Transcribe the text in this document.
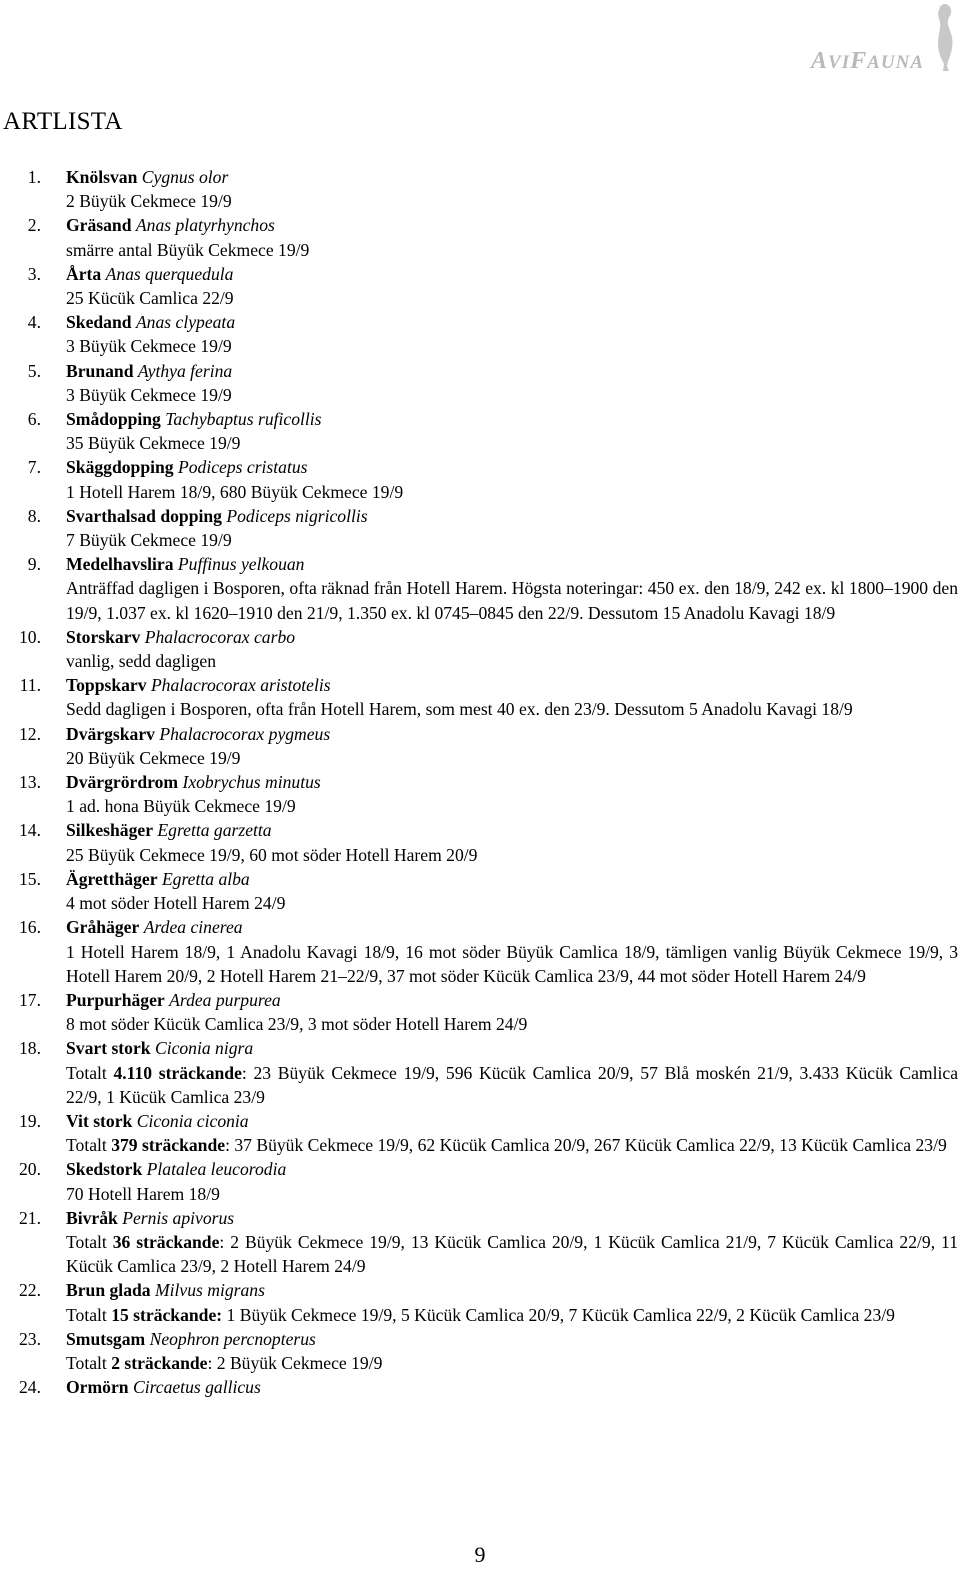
AVIFAUNA
ARTLISTA
1. Knölsvan Cygnus olor
2 Büyük Cekmece 19/9
2. Gräsand Anas platyrhynchos
smärre antal Büyük Cekmece 19/9
3. Årta Anas querquedula
25 Kücük Camlica 22/9
4. Skedand Anas clypeata
3 Büyük Cekmece 19/9
5. Brunand Aythya ferina
3 Büyük Cekmece 19/9
6. Smådopping Tachybaptus ruficollis
35 Büyük Cekmece 19/9
7. Skäggdopping Podiceps cristatus
1 Hotell Harem 18/9, 680 Büyük Cekmece 19/9
8. Svarthalsad dopping Podiceps nigricollis
7 Büyük Cekmece 19/9
9. Medelhavslira Puffinus yelkouan
Anträffad dagligen i Bosporen, ofta räknad från Hotell Harem. Högsta noteringar: 450 ex. den 18/9, 242 ex. kl 1800–1900 den 19/9, 1.037 ex. kl 1620–1910 den 21/9, 1.350 ex. kl 0745–0845 den 22/9. Dessutom 15 Anadolu Kavagi 18/9
10. Storskarv Phalacrocorax carbo
vanlig, sedd dagligen
11. Toppskarv Phalacrocorax aristotelis
Sedd dagligen i Bosporen, ofta från Hotell Harem, som mest 40 ex. den 23/9. Dessutom 5 Anadolu Kavagi 18/9
12. Dvärgskarv Phalacrocorax pygmeus
20 Büyük Cekmece 19/9
13. Dvärgrördrom Ixobrychus minutus
1 ad. hona Büyük Cekmece 19/9
14. Silkeshäger Egretta garzetta
25 Büyük Cekmece 19/9, 60 mot söder Hotell Harem 20/9
15. Ägretthäger Egretta alba
4 mot söder Hotell Harem 24/9
16. Gråhäger Ardea cinerea
1 Hotell Harem 18/9, 1 Anadolu Kavagi 18/9, 16 mot söder Büyük Camlica 18/9, tämligen vanlig Büyük Cekmece 19/9, 3 Hotell Harem 20/9, 2 Hotell Harem 21–22/9, 37 mot söder Kücük Camlica 23/9, 44 mot söder Hotell Harem 24/9
17. Purpurhäger Ardea purpurea
8 mot söder Kücük Camlica 23/9, 3 mot söder Hotell Harem 24/9
18. Svart stork Ciconia nigra
Totalt 4.110 sträckande: 23 Büyük Cekmece 19/9, 596 Kücük Camlica 20/9, 57 Blå moskén 21/9, 3.433 Kücük Camlica 22/9, 1 Kücük Camlica 23/9
19. Vit stork Ciconia ciconia
Totalt 379 sträckande: 37 Büyük Cekmece 19/9, 62 Kücük Camlica 20/9, 267 Kücük Camlica 22/9, 13 Kücük Camlica 23/9
20. Skedstork Platalea leucorodia
70 Hotell Harem 18/9
21. Bivråk Pernis apivorus
Totalt 36 sträckande: 2 Büyük Cekmece 19/9, 13 Kücük Camlica 20/9, 1 Kücük Camlica 21/9, 7 Kücük Camlica 22/9, 11 Kücük Camlica 23/9, 2 Hotell Harem 24/9
22. Brun glada Milvus migrans
Totalt 15 sträckande: 1 Büyük Cekmece 19/9, 5 Kücük Camlica 20/9, 7 Kücük Camlica 22/9, 2 Kücük Camlica 23/9
23. Smutsgam Neophron percnopterus
Totalt 2 sträckande: 2 Büyük Cekmece 19/9
24. Ormörn Circaetus gallicus
9
